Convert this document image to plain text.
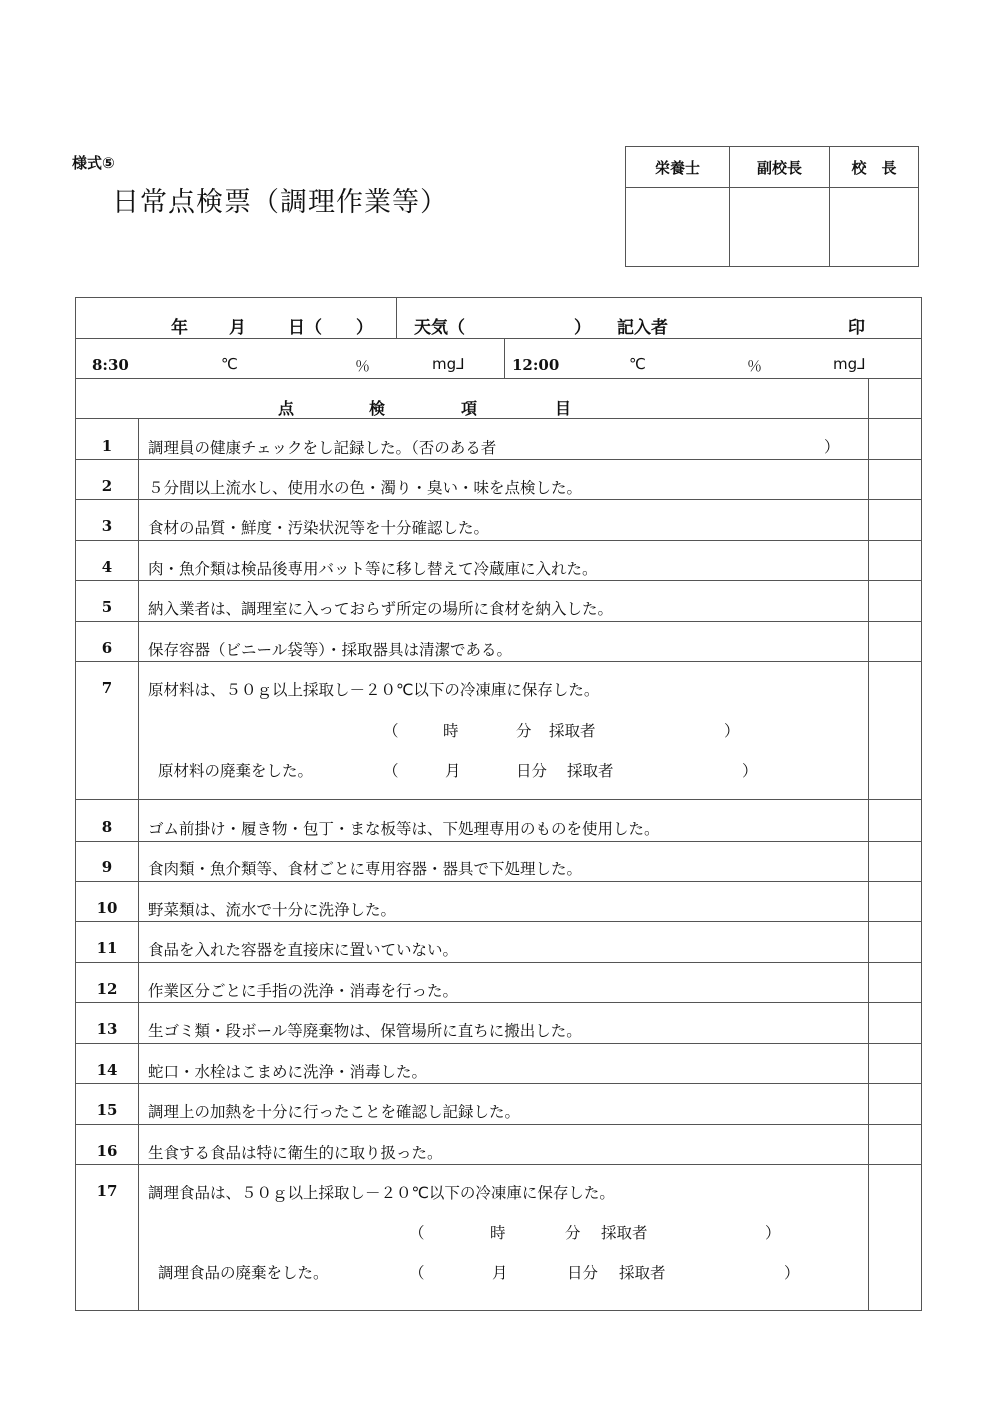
様式⑤
日常点検票（調理作業等）
栄養士	副校長	校　長
年 月 日（　　） 天気（	） 記入者	印
8:30	℃	％	mg⅃	12:00	℃	％	mg⅃
点	検	項	目
1	調理員の健康チェックをし記録した。（否のある者	）
2	５分間以上流水し、使用水の色・濁り・臭い・味を点検した。
3	食材の品質・鮮度・汚染状況等を十分確認した。
4	肉・魚介類は検品後専用バット等に移し替えて冷蔵庫に入れた。
5	納入業者は、調理室に入っておらず所定の場所に食材を納入した。
6	保存容器（ビニール袋等）・採取器具は清潔である。
7	原材料は、５０ｇ以上採取し－２０℃以下の冷凍庫に保存した。
（	時	分 採取者	）
原材料の廃棄をした。	（	月	日分 採取者	）
8	ゴム前掛け・履き物・包丁・まな板等は、下処理専用のものを使用した。
9	食肉類・魚介類等、食材ごとに専用容器・器具で下処理した。
10	野菜類は、流水で十分に洗浄した。
11	食品を入れた容器を直接床に置いていない。
12	作業区分ごとに手指の洗浄・消毒を行った。
13	生ゴミ類・段ボール等廃棄物は、保管場所に直ちに搬出した。
14	蛇口・水栓はこまめに洗浄・消毒した。
15	調理上の加熱を十分に行ったことを確認し記録した。
16	生食する食品は特に衛生的に取り扱った。
17	調理食品は、５０ｇ以上採取し－２０℃以下の冷凍庫に保存した。
（	時	分 採取者	）
調理食品の廃棄をした。	（	月	日分 採取者	）
